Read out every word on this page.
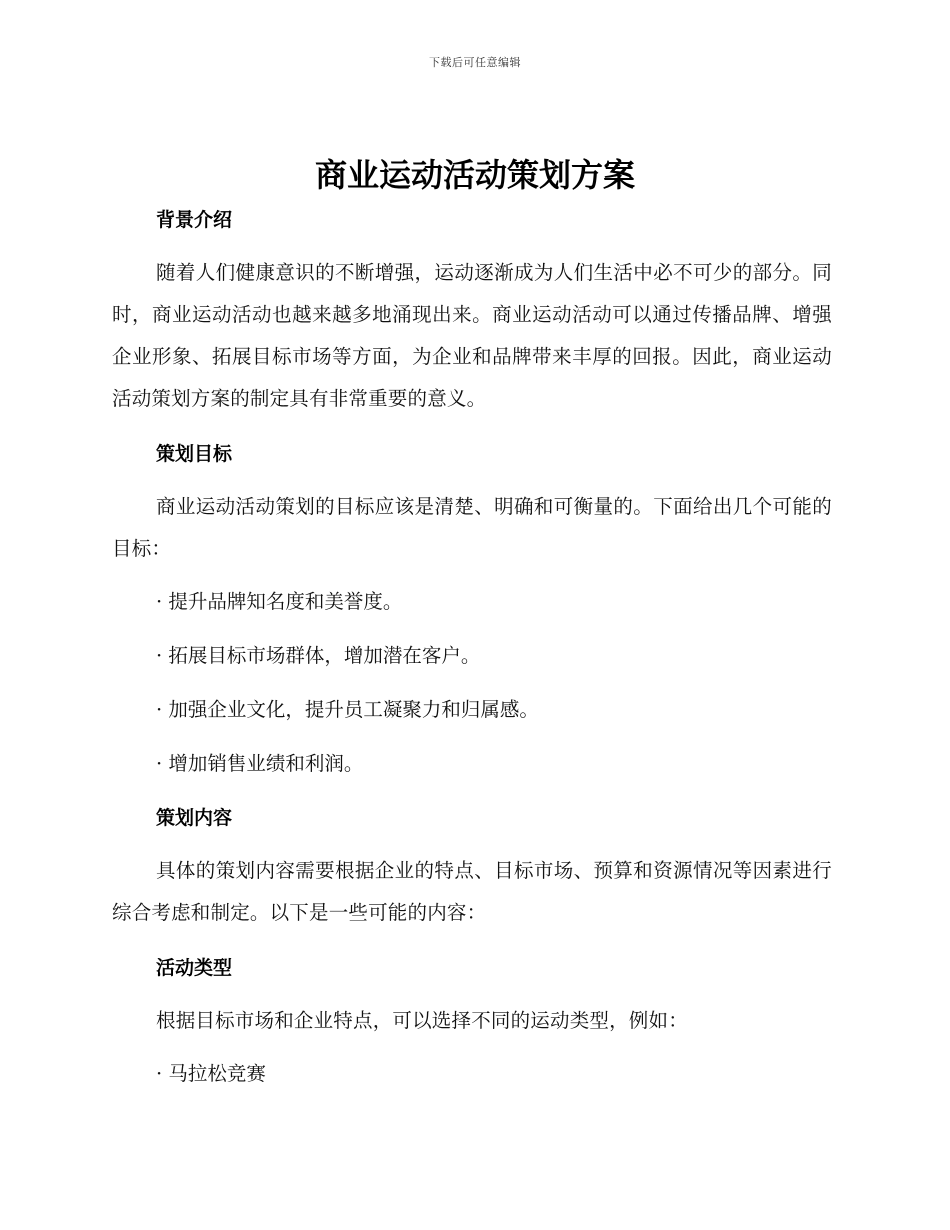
下载后可任意编辑
商业运动活动策划方案
背景介绍

随着人们健康意识的不断增强，运动逐渐成为人们生活中必不可少的部分。同时，商业运动活动也越来越多地涌现出来。商业运动活动可以通过传播品牌、增强企业形象、拓展目标市场等方面，为企业和品牌带来丰厚的回报。因此，商业运动活动策划方案的制定具有非常重要的意义。

策划目标

商业运动活动策划的目标应该是清楚、明确和可衡量的。下面给出几个可能的目标：

· 提升品牌知名度和美誉度。
· 拓展目标市场群体，增加潜在客户。
· 加强企业文化，提升员工凝聚力和归属感。
· 增加销售业绩和利润。
策划内容

具体的策划内容需要根据企业的特点、目标市场、预算和资源情况等因素进行综合考虑和制定。以下是一些可能的内容：

活动类型

根据目标市场和企业特点，可以选择不同的运动类型，例如：

· 马拉松竞赛
